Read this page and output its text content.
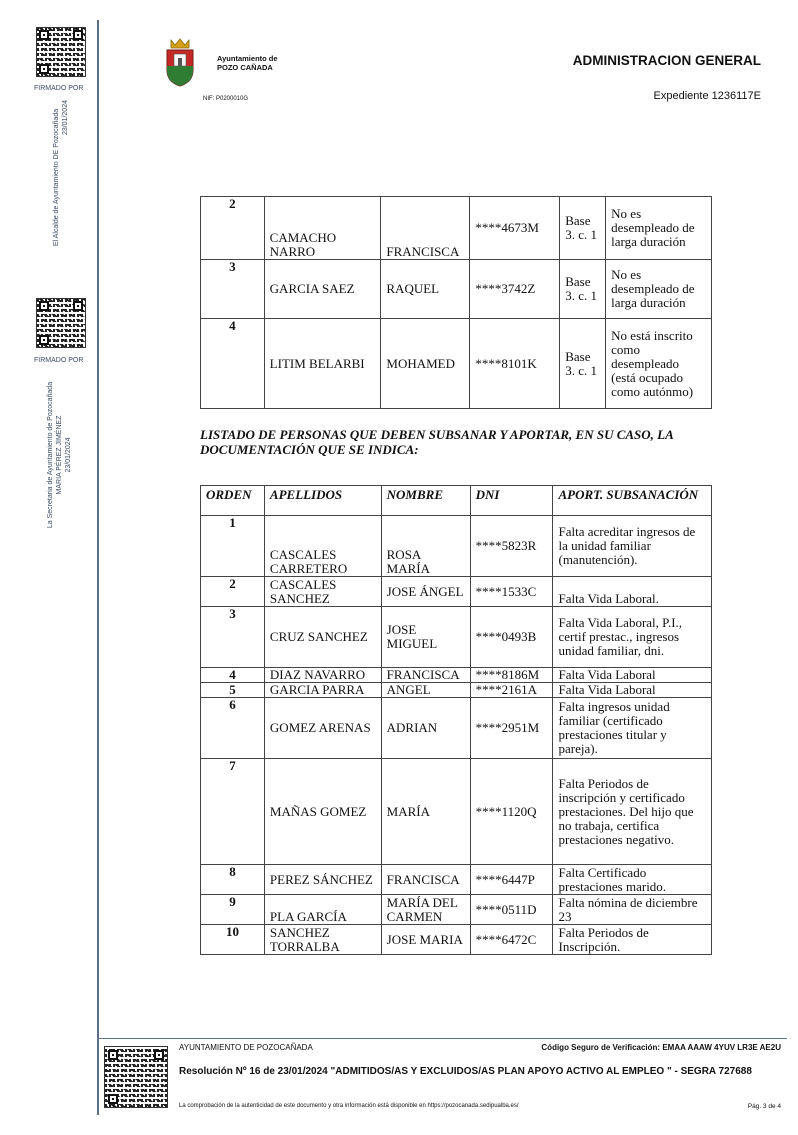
FIRMADO POR
El Alcalde de Ayuntamiento DE Pozocañada 23/01/2024
FIRMADO POR
La Secretaria de Ayuntamiento de Pozocañada MARIA PÉREZ JIMÉNEZ 23/01/2024
Ayuntamiento de
POZO CAÑADA
NIF: P0200010G
ADMINISTRACION GENERAL
Expediente 1236117E
2	CAMACHO NARRO	FRANCISCA	****4673M	Base 3. c. 1	No es desempleado de larga duración
3	GARCIA SAEZ	RAQUEL	****3742Z	Base 3. c. 1	No es desempleado de larga duración
4	LITIM BELARBI	MOHAMED	****8101K	Base 3. c. 1	No está inscrito como desempleado (está ocupado como autónmo)
LISTADO DE PERSONAS QUE DEBEN SUBSANAR Y APORTAR, EN SU CASO, LA DOCUMENTACIÓN QUE SE INDICA:
ORDEN	APELLIDOS	NOMBRE	DNI	APORT. SUBSANACIÓN
1	CASCALES CARRETERO	ROSA MARÍA	****5823R	Falta acreditar ingresos de la unidad familiar (manutención).
2	CASCALES SANCHEZ	JOSE ÁNGEL	****1533C	Falta Vida Laboral.
3	CRUZ SANCHEZ	JOSE MIGUEL	****0493B	Falta Vida Laboral, P.I., certif prestac., ingresos unidad familiar, dni.
4	DIAZ NAVARRO	FRANCISCA	****8186M	Falta Vida Laboral
5	GARCIA PARRA	ANGEL	****2161A	Falta Vida Laboral
6	GOMEZ ARENAS	ADRIAN	****2951M	Falta ingresos unidad familiar (certificado prestaciones titular y pareja).
7	MAÑAS GOMEZ	MARÍA	****1120Q	Falta Periodos de inscripción y certificado prestaciones. Del hijo que no trabaja, certifica prestaciones negativo.
8	PEREZ SÁNCHEZ	FRANCISCA	****6447P	Falta Certificado prestaciones marido.
9	PLA GARCÍA	MARÍA DEL CARMEN	****0511D	Falta nómina de diciembre 23
10	SANCHEZ TORRALBA	JOSE MARIA	****6472C	Falta Periodos de Inscripción.
AYUNTAMIENTO DE POZOCAÑADA	Código Seguro de Verificación: EMAA AAAW 4YUV LR3E AE2U
Resolución Nº 16 de 23/01/2024 "ADMITIDOS/AS Y EXCLUIDOS/AS PLAN APOYO ACTIVO AL EMPLEO " - SEGRA 727688
La comprobación de la autenticidad de este documento y otra información está disponible en https://pozocanada.sedipualba.es/	Pág. 3 de 4
